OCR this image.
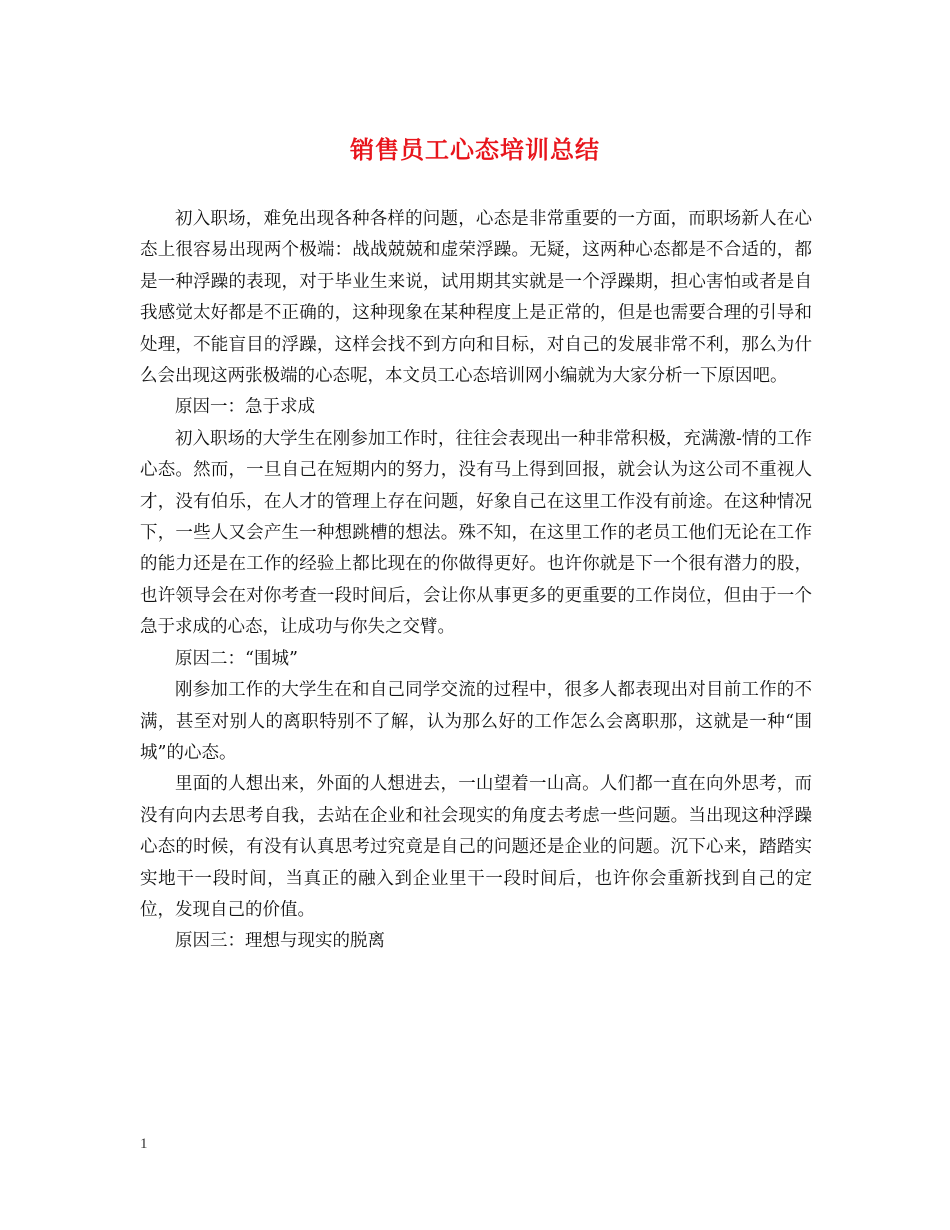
销售员工心态培训总结

初入职场，难免出现各种各样的问题，心态是非常重要的一方面，而职场新人在心态上很容易出现两个极端：战战兢兢和虚荣浮躁。无疑，这两种心态都是不合适的，都是一种浮躁的表现，对于毕业生来说，试用期其实就是一个浮躁期，担心害怕或者是自我感觉太好都是不正确的，这种现象在某种程度上是正常的，但是也需要合理的引导和处理，不能盲目的浮躁，这样会找不到方向和目标，对自己的发展非常不利，那么为什么会出现这两张极端的心态呢，本文员工心态培训网小编就为大家分析一下原因吧。

原因一：急于求成

初入职场的大学生在刚参加工作时，往往会表现出一种非常积极，充满激-情的工作心态。然而，一旦自己在短期内的努力，没有马上得到回报，就会认为这公司不重视人才，没有伯乐，在人才的管理上存在问题，好象自己在这里工作没有前途。在这种情况下，一些人又会产生一种想跳槽的想法。殊不知，在这里工作的老员工他们无论在工作的能力还是在工作的经验上都比现在的你做得更好。也许你就是下一个很有潜力的股，也许领导会在对你考查一段时间后，会让你从事更多的更重要的工作岗位，但由于一个急于求成的心态，让成功与你失之交臂。

原因二：“围城”

刚参加工作的大学生在和自己同学交流的过程中，很多人都表现出对目前工作的不满，甚至对别人的离职特别不了解，认为那么好的工作怎么会离职那，这就是一种“围城”的心态。

里面的人想出来，外面的人想进去，一山望着一山高。人们都一直在向外思考，而没有向内去思考自我，去站在企业和社会现实的角度去考虑一些问题。当出现这种浮躁心态的时候，有没有认真思考过究竟是自己的问题还是企业的问题。沉下心来，踏踏实实地干一段时间，当真正的融入到企业里干一段时间后，也许你会重新找到自己的定位，发现自己的价值。

原因三：理想与现实的脱离

1
